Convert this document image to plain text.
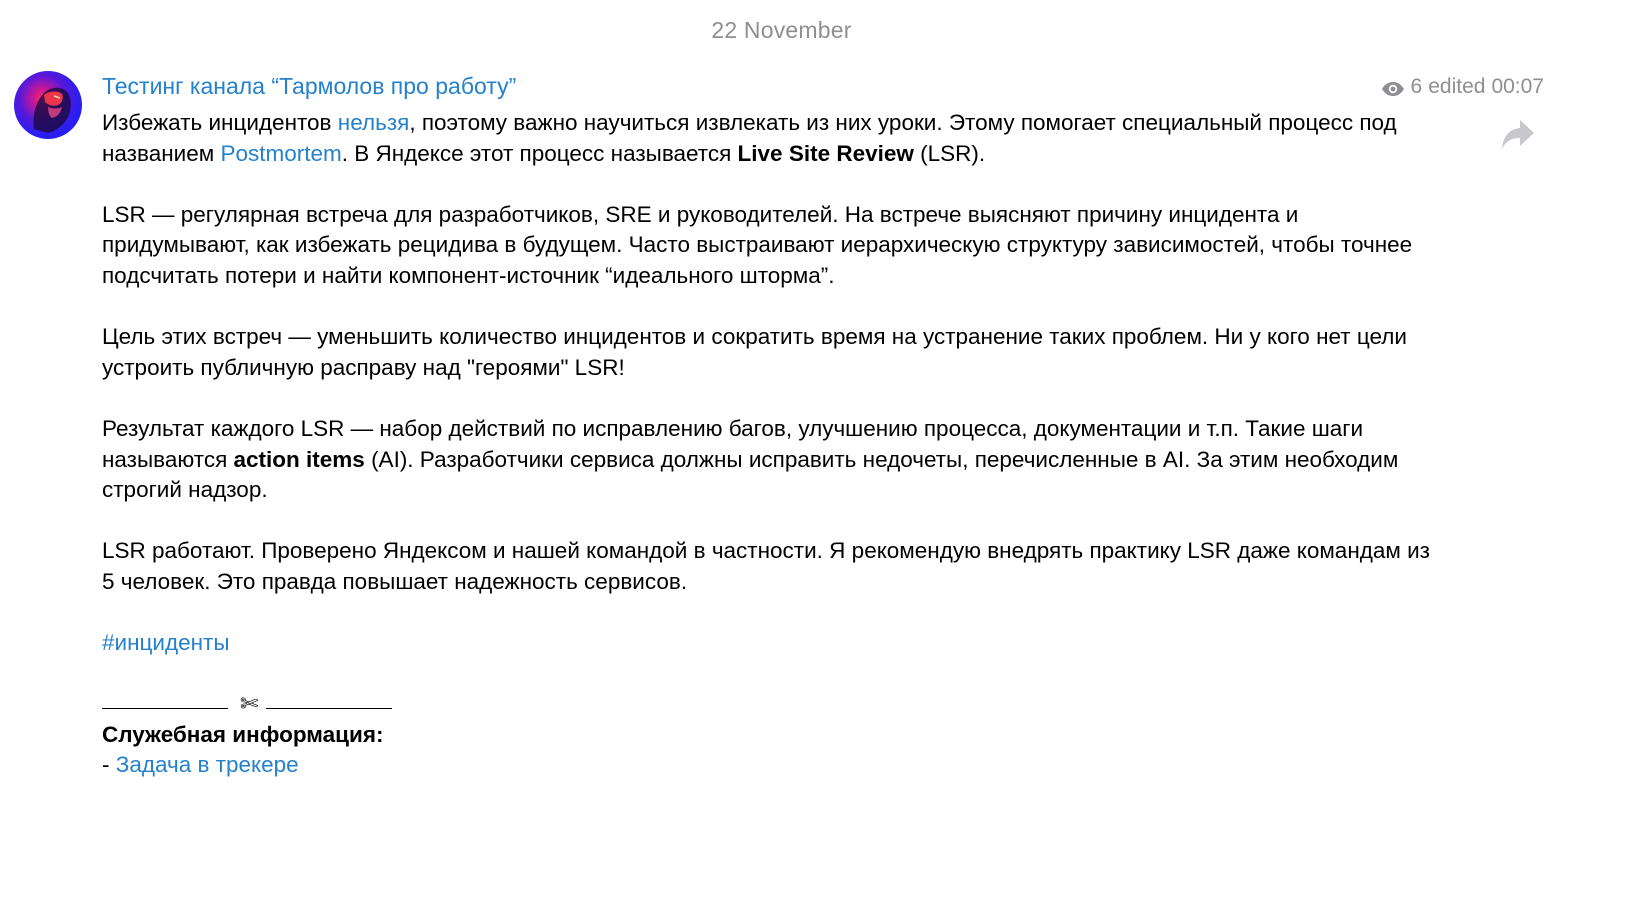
22 November
Тестинг канала “Тармолов про работу”	6 edited 00:07

Избежать инцидентов нельзя, поэтому важно научиться извлекать из них уроки. Этому помогает специальный процесс под названием Postmortem. В Яндексе этот процесс называется Live Site Review (LSR).

LSR — регулярная встреча для разработчиков, SRE и руководителей. На встрече выясняют причину инцидента и придумывают, как избежать рецидива в будущем. Часто выстраивают иерархическую структуру зависимостей, чтобы точнее подсчитать потери и найти компонент-источник “идеального шторма”.

Цель этих встреч — уменьшить количество инцидентов и сократить время на устранение таких проблем. Ни у кого нет цели устроить публичную расправу над "героями" LSR!

Результат каждого LSR — набор действий по исправлению багов, улучшению процесса, документации и т.п. Такие шаги называются action items (AI). Разработчики сервиса должны исправить недочеты, перечисленные в AI. За этим необходим строгий надзор.

LSR работают. Проверено Яндексом и нашей командой в частности. Я рекомендую внедрять практику LSR даже командам из 5 человек. Это правда повышает надежность сервисов.

#инциденты

✄
Служебная информация:
- Задача в трекере
